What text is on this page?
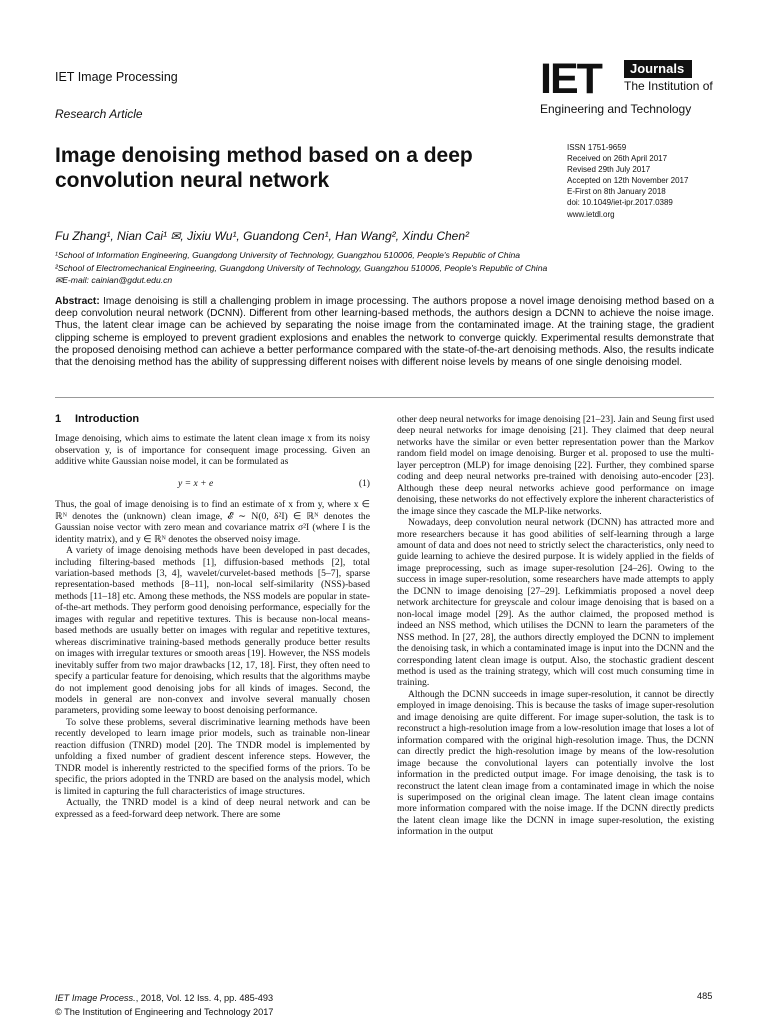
IET Image Processing
Research Article
IET	Journals
The Institution of
Engineering and Technology
Image denoising method based on a deep convolution neural network
ISSN 1751-9659
Received on 26th April 2017
Revised 29th July 2017
Accepted on 12th November 2017
E-First on 8th January 2018
doi: 10.1049/iet-ipr.2017.0389
www.ietdl.org
Fu Zhang¹, Nian Cai¹ ✉, Jixiu Wu¹, Guandong Cen¹, Han Wang², Xindu Chen²
¹School of Information Engineering, Guangdong University of Technology, Guangzhou 510006, People's Republic of China
²School of Electromechanical Engineering, Guangdong University of Technology, Guangzhou 510006, People's Republic of China
✉E-mail: cainian@gdut.edu.cn
Abstract: Image denoising is still a challenging problem in image processing. The authors propose a novel image denoising method based on a deep convolution neural network (DCNN). Different from other learning-based methods, the authors design a DCNN to achieve the noise image. Thus, the latent clear image can be achieved by separating the noise image from the contaminated image. At the training stage, the gradient clipping scheme is employed to prevent gradient explosions and enables the network to converge quickly. Experimental results demonstrate that the proposed denoising method can achieve a better performance compared with the state-of-the-art denoising methods. Also, the results indicate that the denoising method has the ability of suppressing different noises with different noise levels by means of one single denoising model.
1 Introduction

Image denoising, which aims to estimate the latent clean image x from its noisy observation y, is of importance for consequent image processing. Given an additive white Gaussian noise model, it can be formulated as

y = x + e	(1)

Thus, the goal of image denoising is to find an estimate of x from y, where x ∈ ℝᴺ denotes the (unknown) clean image, 𝓔 ∼ N(0, δ²I) ∈ ℝᴺ denotes the Gaussian noise vector with zero mean and covariance matrix σ²I (where I is the identity matrix), and y ∈ ℝᴺ denotes the observed noisy image.

A variety of image denoising methods have been developed in past decades, including filtering-based methods [1], diffusion-based methods [2], total variation-based methods [3, 4], wavelet/curvelet-based methods [5–7], sparse representation-based methods [8–11], non-local self-similarity (NSS)-based methods [11–18] etc. Among these methods, the NSS models are popular in state-of-the-art methods. They perform good denoising performance, especially for the images with regular and repetitive textures. This is because non-local means-based methods are usually better on images with regular and repetitive textures, whereas discriminative training-based methods generally produce better results on images with irregular textures or smooth areas [19]. However, the NSS models inevitably suffer from two major drawbacks [12, 17, 18]. First, they often need to specify a particular feature for denoising, which results that the algorithms maybe do not implement good denoising jobs for all kinds of images. Second, the models in general are non-convex and involve several manually chosen parameters, providing some leeway to boost denoising performance.

To solve these problems, several discriminative learning methods have been recently developed to learn image prior models, such as trainable non-linear reaction diffusion (TNRD) model [20]. The TNDR model is implemented by unfolding a fixed number of gradient descent inference steps. However, the TNDR model is inherently restricted to the specified forms of the priors. To be specific, the priors adopted in the TNRD are based on the analysis model, which is limited in capturing the full characteristics of image structures.

Actually, the TNRD model is a kind of deep neural network and can be expressed as a feed-forward deep network. There are some

other deep neural networks for image denoising [21–23]. Jain and Seung first used deep neural networks for image denoising [21]. They claimed that deep neural networks have the similar or even better representation power than the Markov random field model on image denoising. Burger et al. proposed to use the multi-layer perceptron (MLP) for image denoising [22]. Further, they combined sparse coding and deep neural networks pre-trained with denoising auto-encoder [23]. Although these deep neural networks achieve good performance on image denoising, these networks do not effectively explore the inherent characteristics of the image since they cascade the MLP-like networks.

Nowadays, deep convolution neural network (DCNN) has attracted more and more researchers because it has good abilities of self-learning through a large amount of data and does not need to strictly select the characteristics, only need to guide learning to achieve the desired purpose. It is widely applied in the fields of image preprocessing, such as image super-resolution [24–26]. Owing to the success in image super-resolution, some researchers have made attempts to apply the DCNN to image denoising [27–29]. Lefkimmiatis proposed a novel deep network architecture for greyscale and colour image denoising that is based on a non-local image model [29]. As the author claimed, the proposed method is indeed an NSS method, which utilises the DCNN to learn the parameters of the NSS method. In [27, 28], the authors directly employed the DCNN to implement the denoising task, in which a contaminated image is input into the DCNN and the corresponding latent clean image is output. Also, the stochastic gradient descent method is used as the training strategy, which will cost much consuming time in training.

Although the DCNN succeeds in image super-resolution, it cannot be directly employed in image denoising. This is because the tasks of image super-resolution and image denoising are quite different. For image super-solution, the task is to reconstruct a high-resolution image from a low-resolution image that loses a lot of information compared with the original high-resolution image. Thus, the DCNN can directly predict the high-resolution image by means of the low-resolution image because the convolutional layers can potentially involve the lost information in the predicted output image. For image denoising, the task is to reconstruct the latent clean image from a contaminated image in which the noise is superimposed on the original clean image. The latent clean image contains more information compared with the noise image. If the DCNN directly predicts the latent clean image like the DCNN in image super-resolution, the existing information in the output

IET Image Process., 2018, Vol. 12 Iss. 4, pp. 485-493
© The Institution of Engineering and Technology 2017
485
